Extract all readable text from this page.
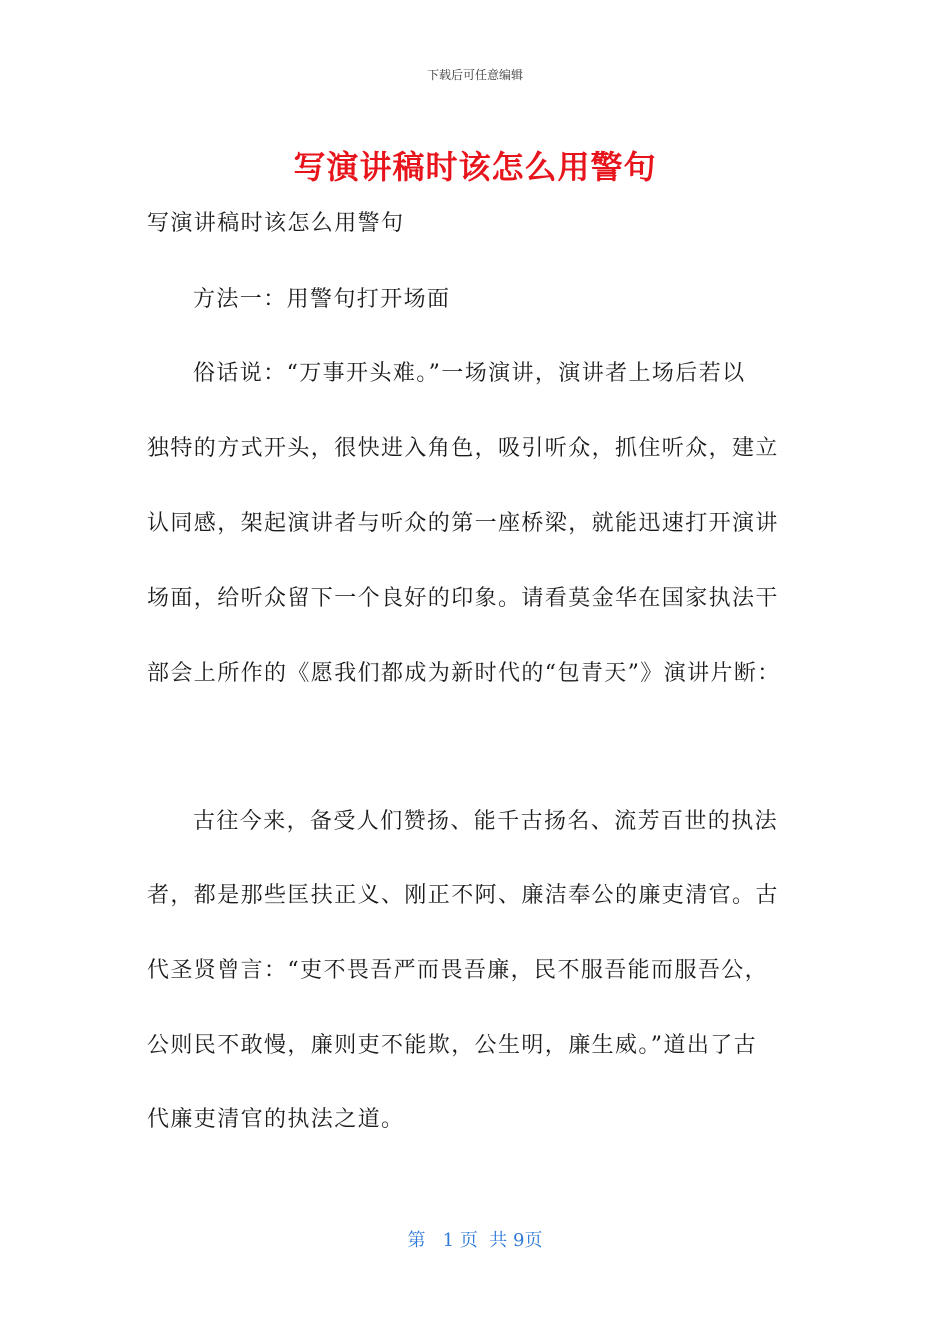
下载后可任意编辑
写演讲稿时该怎么用警句
写演讲稿时该怎么用警句
方法一：用警句打开场面
俗话说：“万事开头难。”一场演讲，演讲者上场后若以
独特的方式开头，很快进入角色，吸引听众，抓住听众，建立
认同感，架起演讲者与听众的第一座桥梁，就能迅速打开演讲
场面，给听众留下一个良好的印象。请看莫金华在国家执法干
部会上所作的《愿我们都成为新时代的“包青天”》演讲片断：
古往今来，备受人们赞扬、能千古扬名、流芳百世的执法
者，都是那些匡扶正义、刚正不阿、廉洁奉公的廉吏清官。古
代圣贤曾言：“吏不畏吾严而畏吾廉，民不服吾能而服吾公，
公则民不敢慢，廉则吏不能欺，公生明，廉生威。”道出了古
代廉吏清官的执法之道。
第   1 页  共 9页
